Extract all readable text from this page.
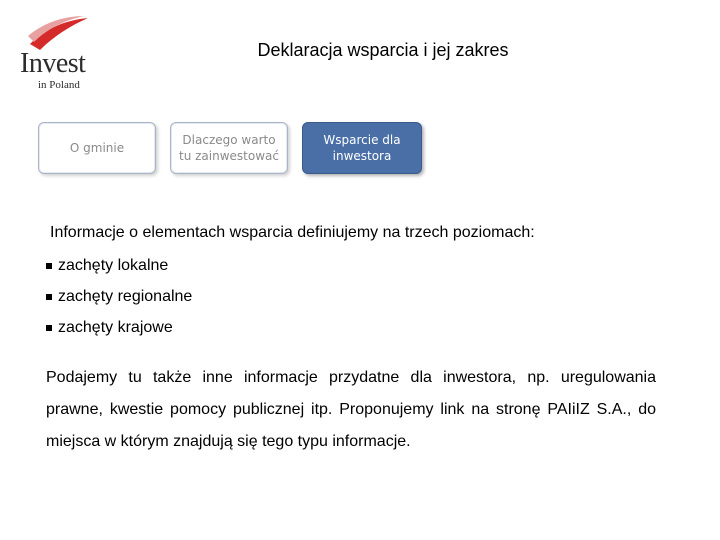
Invest
in Poland
Deklaracja wsparcia i jej zakres
O gminie
Dlaczego warto tu zainwestować
Wsparcie dla inwestora
Informacje o elementach wsparcia definiujemy na trzech poziomach:
zachęty lokalne
zachęty regionalne
zachęty krajowe
Podajemy tu także inne informacje przydatne dla inwestora, np. uregulowania prawne, kwestie pomocy publicznej itp. Proponujemy link na stronę PAIiIZ S.A., do miejsca w którym znajdują się tego typu informacje.
